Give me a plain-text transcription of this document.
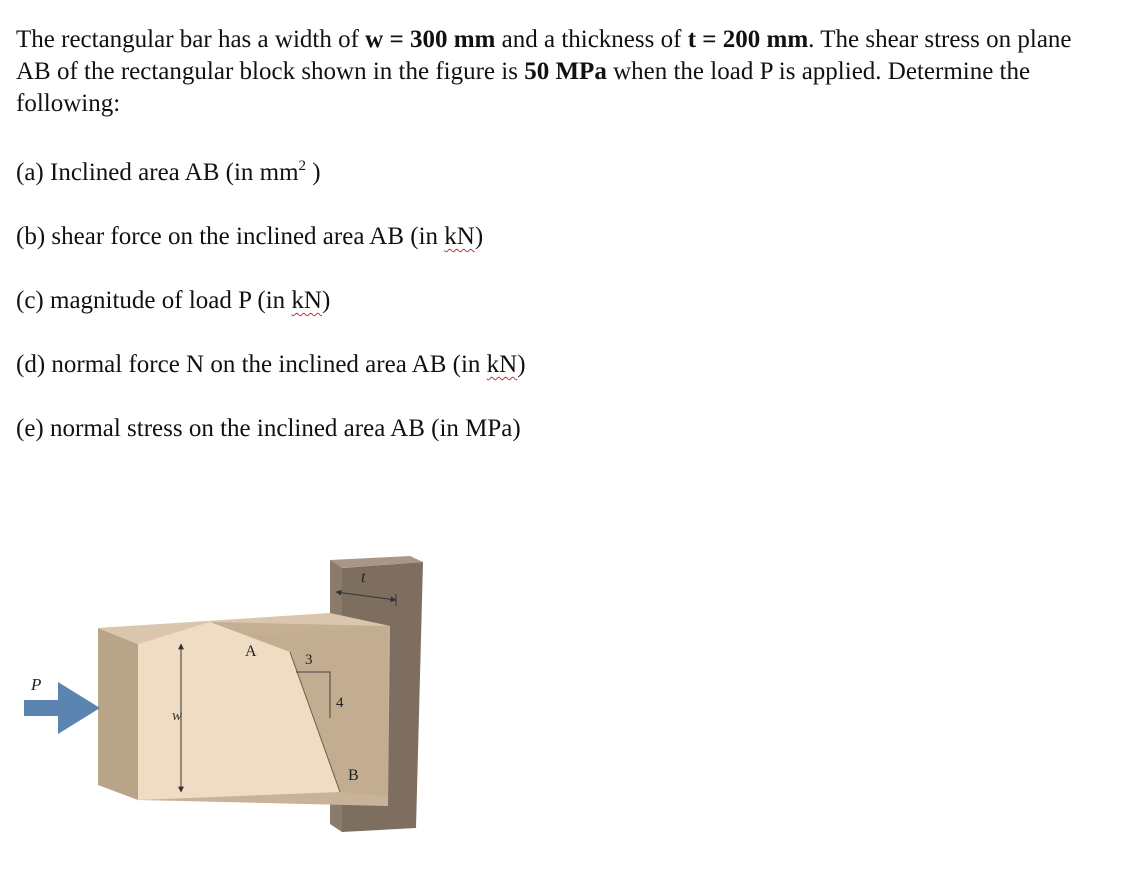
The rectangular bar has a width of w = 300 mm and a thickness of t = 200 mm. The shear stress on plane AB of the rectangular block shown in the figure is 50 MPa when the load P is applied. Determine the following:
(a) Inclined area AB (in $mm^2$ )
(b) shear force on the inclined area AB (in kN)
(c) magnitude of load P (in kN)
(d) normal force N on the inclined area AB (in kN)
(e) normal stress on the inclined area AB (in MPa)
3
4
A
B
t
w
P
